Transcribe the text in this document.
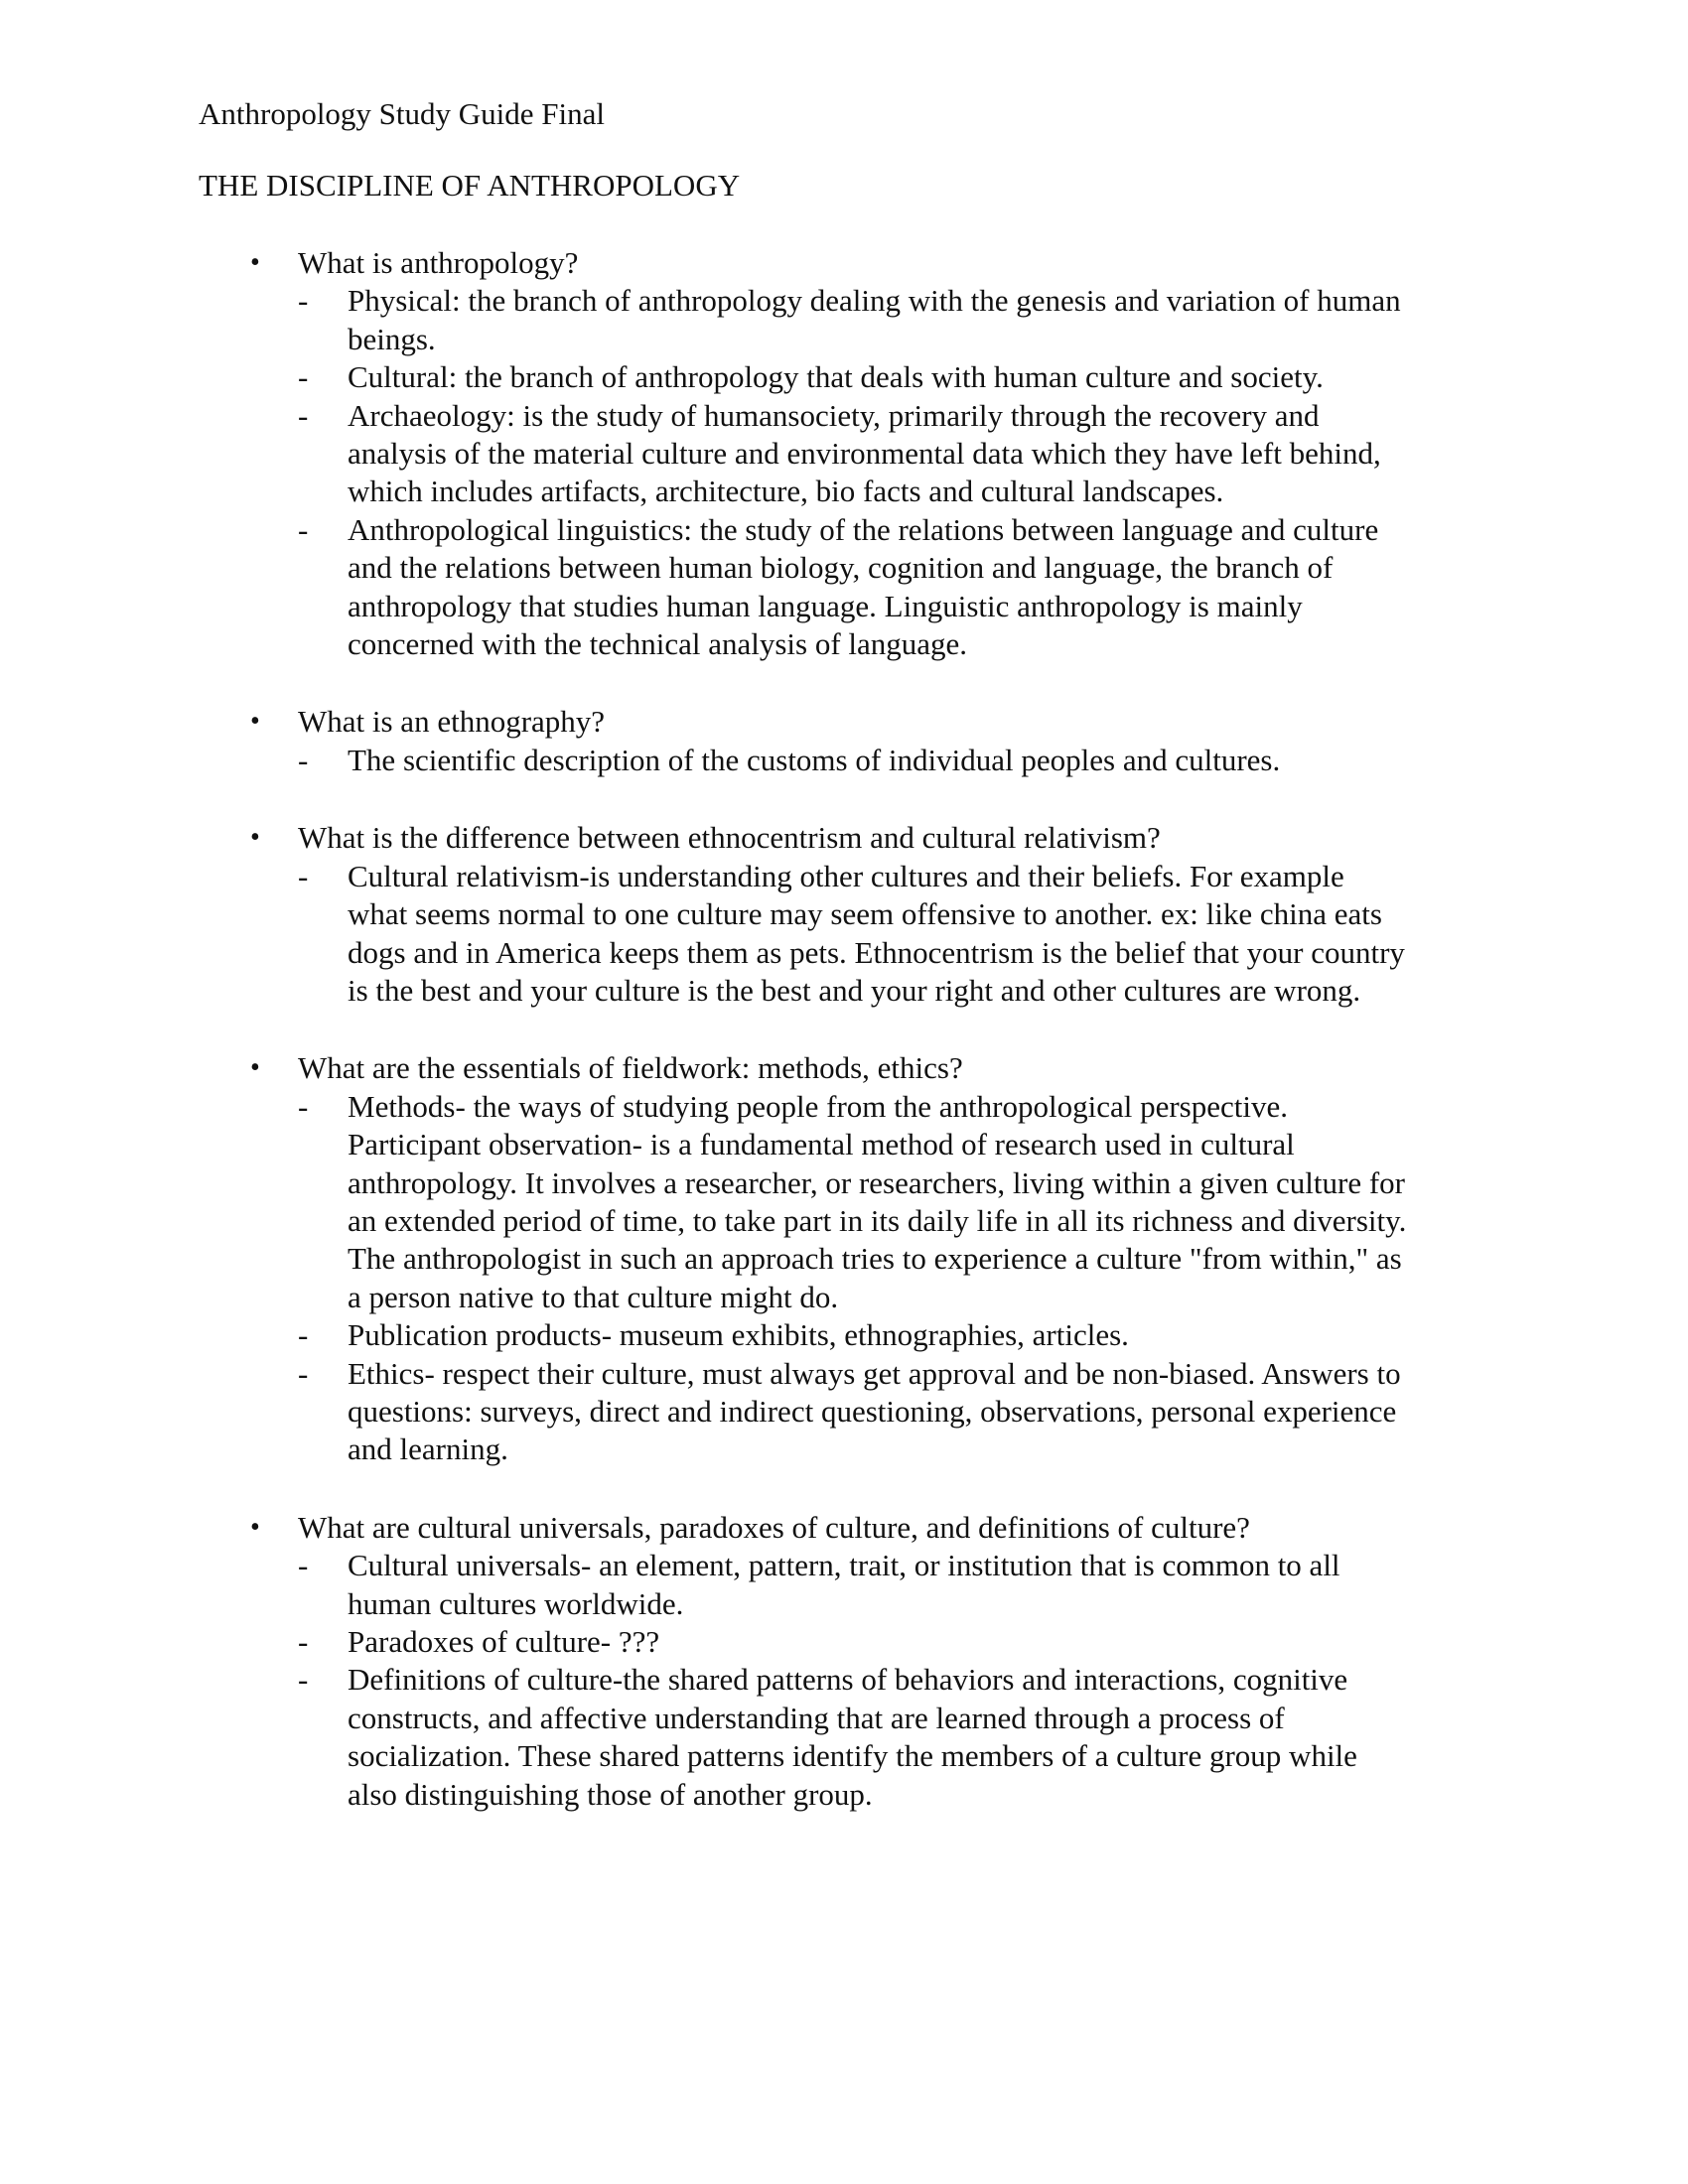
Anthropology Study Guide Final
THE DISCIPLINE OF ANTHROPOLOGY
• What is anthropology?
- Physical: the branch of anthropology dealing with the genesis and variation of human
beings.
- Cultural: the branch of anthropology that deals with human culture and society.
- Archaeology: is the study of humansociety, primarily through the recovery and
analysis of the material culture and environmental data which they have left behind,
which includes artifacts, architecture, bio facts and cultural landscapes.
- Anthropological linguistics: the study of the relations between language and culture
and the relations between human biology, cognition and language, the branch of
anthropology that studies human language. Linguistic anthropology is mainly
concerned with the technical analysis of language.
• What is an ethnography?
- The scientific description of the customs of individual peoples and cultures.
• What is the difference between ethnocentrism and cultural relativism?
- Cultural relativism-is understanding other cultures and their beliefs. For example
what seems normal to one culture may seem offensive to another. ex: like china eats
dogs and in America keeps them as pets. Ethnocentrism is the belief that your country
is the best and your culture is the best and your right and other cultures are wrong.
• What are the essentials of fieldwork: methods, ethics?
- Methods- the ways of studying people from the anthropological perspective.
Participant observation- is a fundamental method of research used in cultural
anthropology. It involves a researcher, or researchers, living within a given culture for
an extended period of time, to take part in its daily life in all its richness and diversity.
The anthropologist in such an approach tries to experience a culture "from within," as
a person native to that culture might do.
- Publication products- museum exhibits, ethnographies, articles.
- Ethics- respect their culture, must always get approval and be non-biased. Answers to
questions: surveys, direct and indirect questioning, observations, personal experience
and learning.
• What are cultural universals, paradoxes of culture, and definitions of culture?
- Cultural universals- an element, pattern, trait, or institution that is common to all
human cultures worldwide.
- Paradoxes of culture- ???
- Definitions of culture-the shared patterns of behaviors and interactions, cognitive
constructs, and affective understanding that are learned through a process of
socialization. These shared patterns identify the members of a culture group while
also distinguishing those of another group.
